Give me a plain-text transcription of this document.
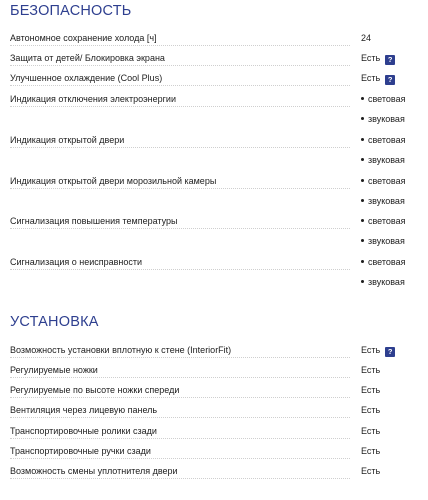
БЕЗОПАСНОСТЬ
Автономное сохранение холода [ч]	24
Защита от детей/ Блокировка экрана	Есть ?
Улучшенное охлаждение (Cool Plus)	Есть ?
Индикация отключения электроэнергии	световая
звуковая
Индикация открытой двери	световая
звуковая
Индикация открытой двери морозильной камеры	световая
звуковая
Сигнализация повышения температуры	световая
звуковая
Сигнализация о неисправности	световая
звуковая
УСТАНОВКА
Возможность установки вплотную к стене (InteriorFit)	Есть ?
Регулируемые ножки	Есть
Регулируемые по высоте ножки спереди	Есть
Вентиляция через лицевую панель	Есть
Транспортировочные ролики сзади	Есть
Транспортировочные ручки сзади	Есть
Возможность смены уплотнителя двери	Есть
